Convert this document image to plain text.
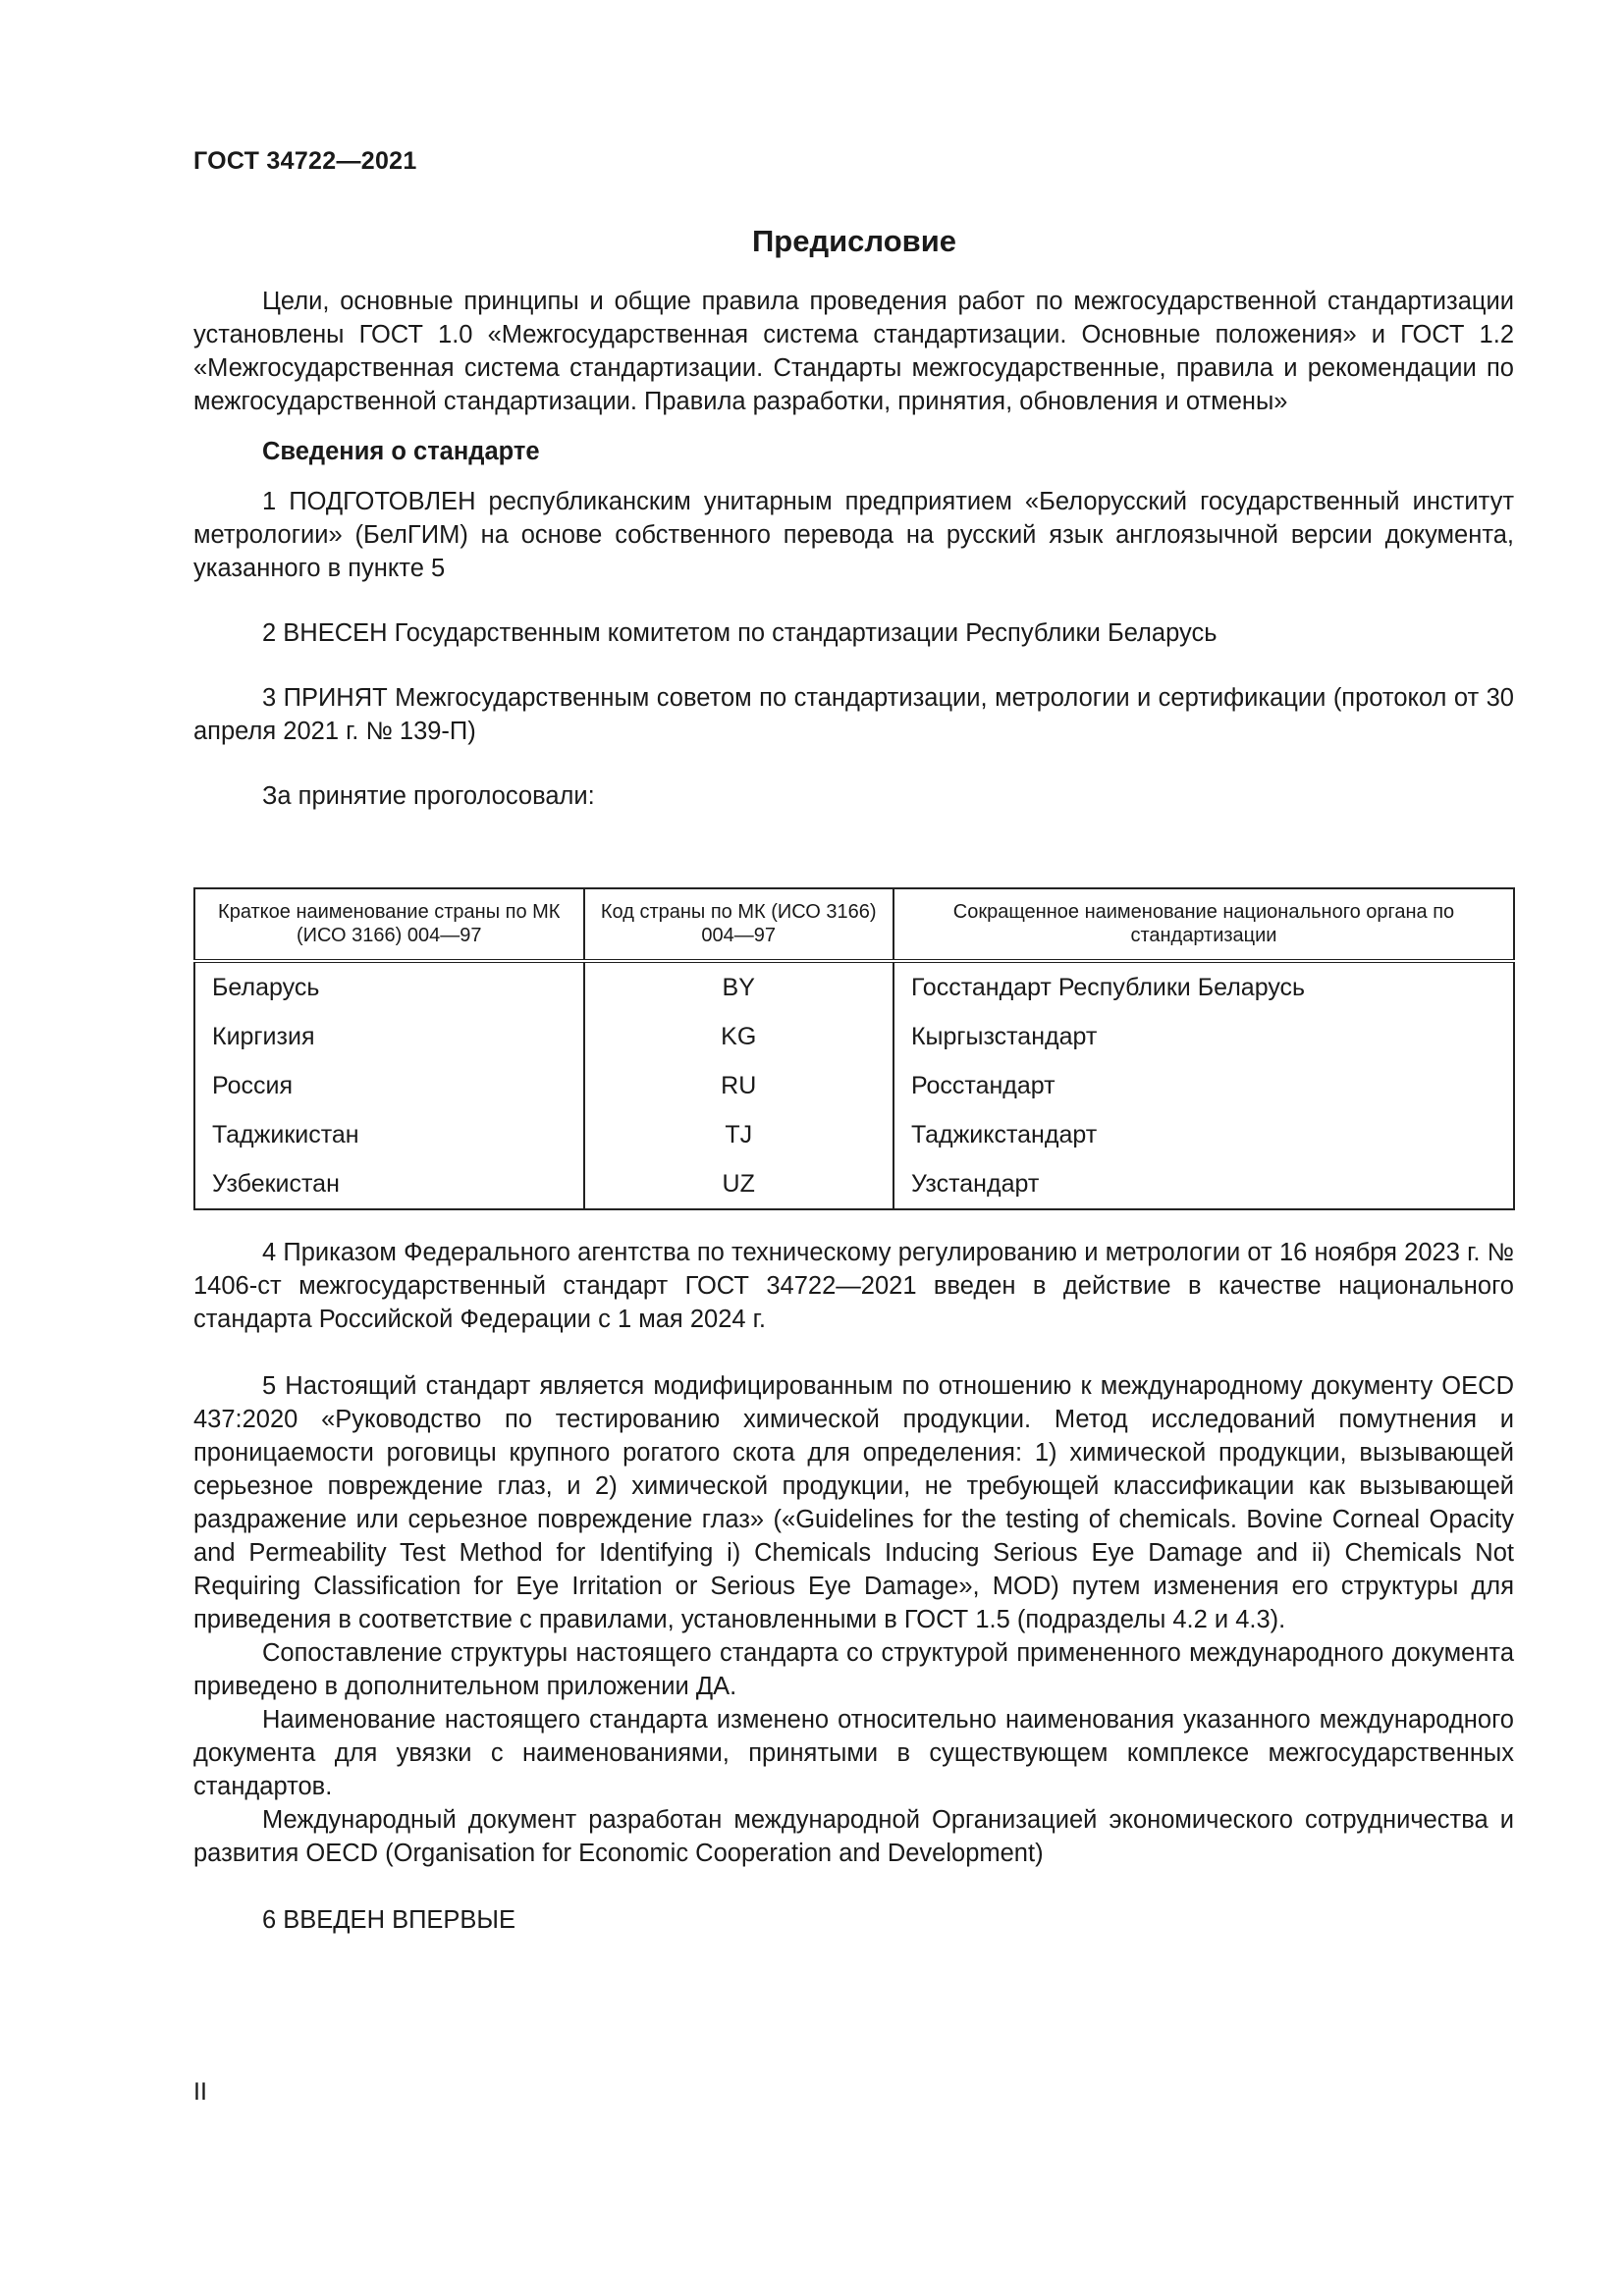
ГОСТ 34722—2021
Предисловие

Цели, основные принципы и общие правила проведения работ по межгосударственной стандартизации установлены ГОСТ 1.0 «Межгосударственная система стандартизации. Основные положения» и ГОСТ 1.2 «Межгосударственная система стандартизации. Стандарты межгосударственные, правила и рекомендации по межгосударственной стандартизации. Правила разработки, принятия, обновления и отмены»

Сведения о стандарте

1 ПОДГОТОВЛЕН республиканским унитарным предприятием «Белорусский государственный институт метрологии» (БелГИМ) на основе собственного перевода на русский язык англоязычной версии документа, указанного в пункте 5

2 ВНЕСЕН Государственным комитетом по стандартизации Республики Беларусь

3 ПРИНЯТ Межгосударственным советом по стандартизации, метрологии и сертификации (протокол от 30 апреля 2021 г. № 139-П)

За принятие проголосовали:

Краткое наименование страны по МК (ИСО 3166) 004—97	Код страны по МК (ИСО 3166) 004—97	Сокращенное наименование национального органа по стандартизации
Беларусь	BY	Госстандарт Республики Беларусь
Киргизия	KG	Кыргызстандарт
Россия	RU	Росстандарт
Таджикистан	TJ	Таджикстандарт
Узбекистан	UZ	Узстандарт

4 Приказом Федерального агентства по техническому регулированию и метрологии от 16 ноября 2023 г. № 1406-ст межгосударственный стандарт ГОСТ 34722—2021 введен в действие в качестве национального стандарта Российской Федерации с 1 мая 2024 г.

5 Настоящий стандарт является модифицированным по отношению к международному документу OECD 437:2020 «Руководство по тестированию химической продукции. Метод исследований помутнения и проницаемости роговицы крупного рогатого скота для определения: 1) химической продукции, вызывающей серьезное повреждение глаз, и 2) химической продукции, не требующей классификации как вызывающей раздражение или серьезное повреждение глаз» («Guidelines for the testing of chemicals. Bovine Corneal Opacity and Permeability Test Method for Identifying i) Chemicals Inducing Serious Eye Damage and ii) Chemicals Not Requiring Classification for Eye Irritation or Serious Eye Damage», MOD) путем изменения его структуры для приведения в соответствие с правилами, установленными в ГОСТ 1.5 (подразделы 4.2 и 4.3).

Сопоставление структуры настоящего стандарта со структурой примененного международного документа приведено в дополнительном приложении ДА.

Наименование настоящего стандарта изменено относительно наименования указанного международного документа для увязки с наименованиями, принятыми в существующем комплексе межгосударственных стандартов.

Международный документ разработан международной Организацией экономического сотрудничества и развития OECD (Organisation for Economic Cooperation and Development)

6 ВВЕДЕН ВПЕРВЫЕ

II
